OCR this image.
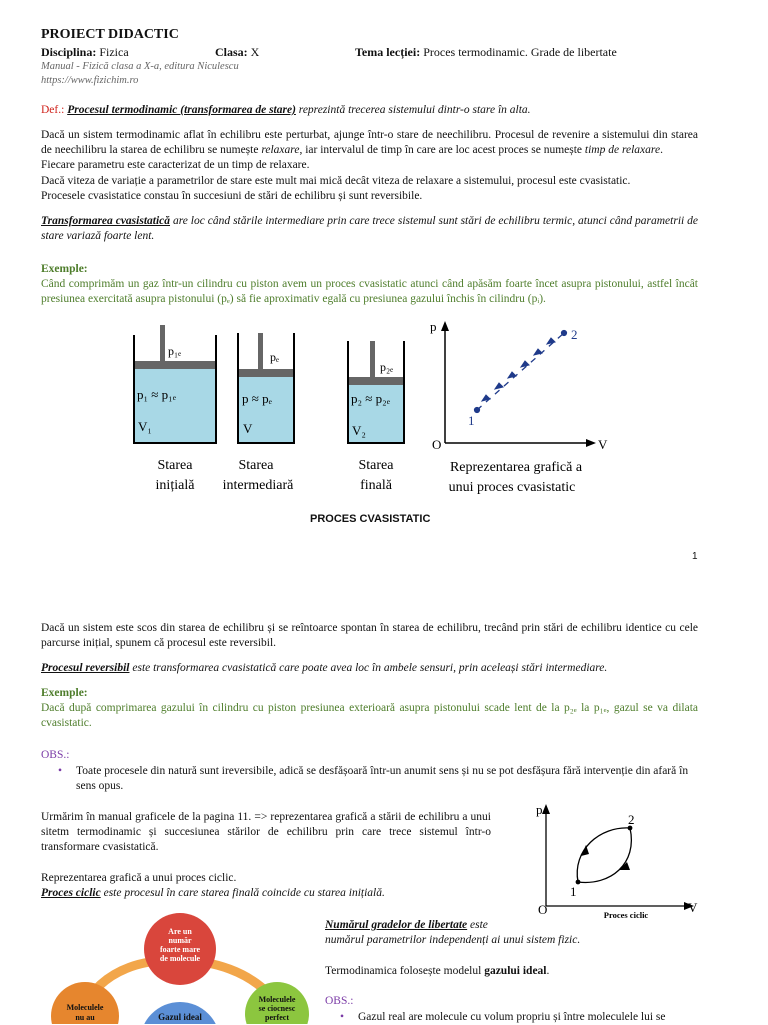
PROIECT DIDACTIC
Disciplina: Fizica	Clasa: X	Tema lecției: Proces termodinamic. Grade de libertate
Manual - Fizică clasa a X-a, editura Niculescu
https://www.fizichim.ro
Def.: Procesul termodinamic (transformarea de stare) reprezintă trecerea sistemului dintr-o stare în alta.
Dacă un sistem termodinamic aflat în echilibru este perturbat, ajunge într-o stare de neechilibru. Procesul de revenire a sistemului din starea de neechilibru la starea de echilibru se numește relaxare, iar intervalul de timp în care are loc acest proces se numește timp de relaxare.
Fiecare parametru este caracterizat de un timp de relaxare.
Dacă viteza de variație a parametrilor de stare este mult mai mică decât viteza de relaxare a sistemului, procesul este cvasistatic.
Procesele cvasistatice constau în succesiuni de stări de echilibru și sunt reversibile.
Transformarea cvasistatică are loc când stările intermediare prin care trece sistemul sunt stări de echilibru termic, atunci când parametrii de stare variază foarte lent.
Exemple:
Când comprimăm un gaz într-un cilindru cu piston avem un proces cvasistatic atunci când apăsăm foarte încet asupra pistonului, astfel încât presiunea exercitată asupra pistonului (pₑ) să fie aproximativ egală cu presiunea gazului închis în cilindru (pᵢ).
p₁ₑ
p₁ ≈ p₁ₑ
V₁
Starea
inițială
pₑ
p ≈ pₑ
V
Starea
intermediară
p₂ₑ
p₂ ≈ p₂ₑ
V₂
Starea
finală
p
V
O
1
2
Reprezentarea grafică a
unui proces cvasistatic
PROCES CVASISTATIC
1
Dacă un sistem este scos din starea de echilibru și se reîntoarce spontan în starea de echilibru, trecând prin stări de echilibru identice cu cele parcurse inițial, spunem că procesul este reversibil.
Procesul reversibil este transformarea cvasistatică care poate avea loc în ambele sensuri, prin aceleași stări intermediare.
Exemple:
Dacă după comprimarea gazului în cilindru cu piston presiunea exterioară asupra pistonului scade lent de la p₂ₑ la p₁ₑ, gazul se va dilata cvasistatic.
OBS.:
• Toate procesele din natură sunt ireversibile, adică se desfășoară într-un anumit sens și nu se pot desfășura fără intervenție din afară în sens opus.
Urmărim în manual graficele de la pagina 11. => reprezentarea grafică a stării de echilibru a unui sitetm termodinamic și succesiunea stărilor de echilibru prin care trece sistemul într-o transformare cvasistatică.
Reprezentarea grafică a unui proces ciclic.
Proces ciclic este procesul în care starea finală coincide cu starea inițială.
p
V
O
1
2
Proces ciclic
Are un
număr
foarte mare
de molecule
Moleculele
nu au
Moleculele
se ciocnesc
perfect
Gazul ideal
Numărul gradelor de libertate este
numărul parametrilor independenți ai unui sistem fizic.
Termodinamica folosește modelul gazului ideal.
OBS.:
• Gazul real are molecule cu volum propriu și între moleculele lui se
